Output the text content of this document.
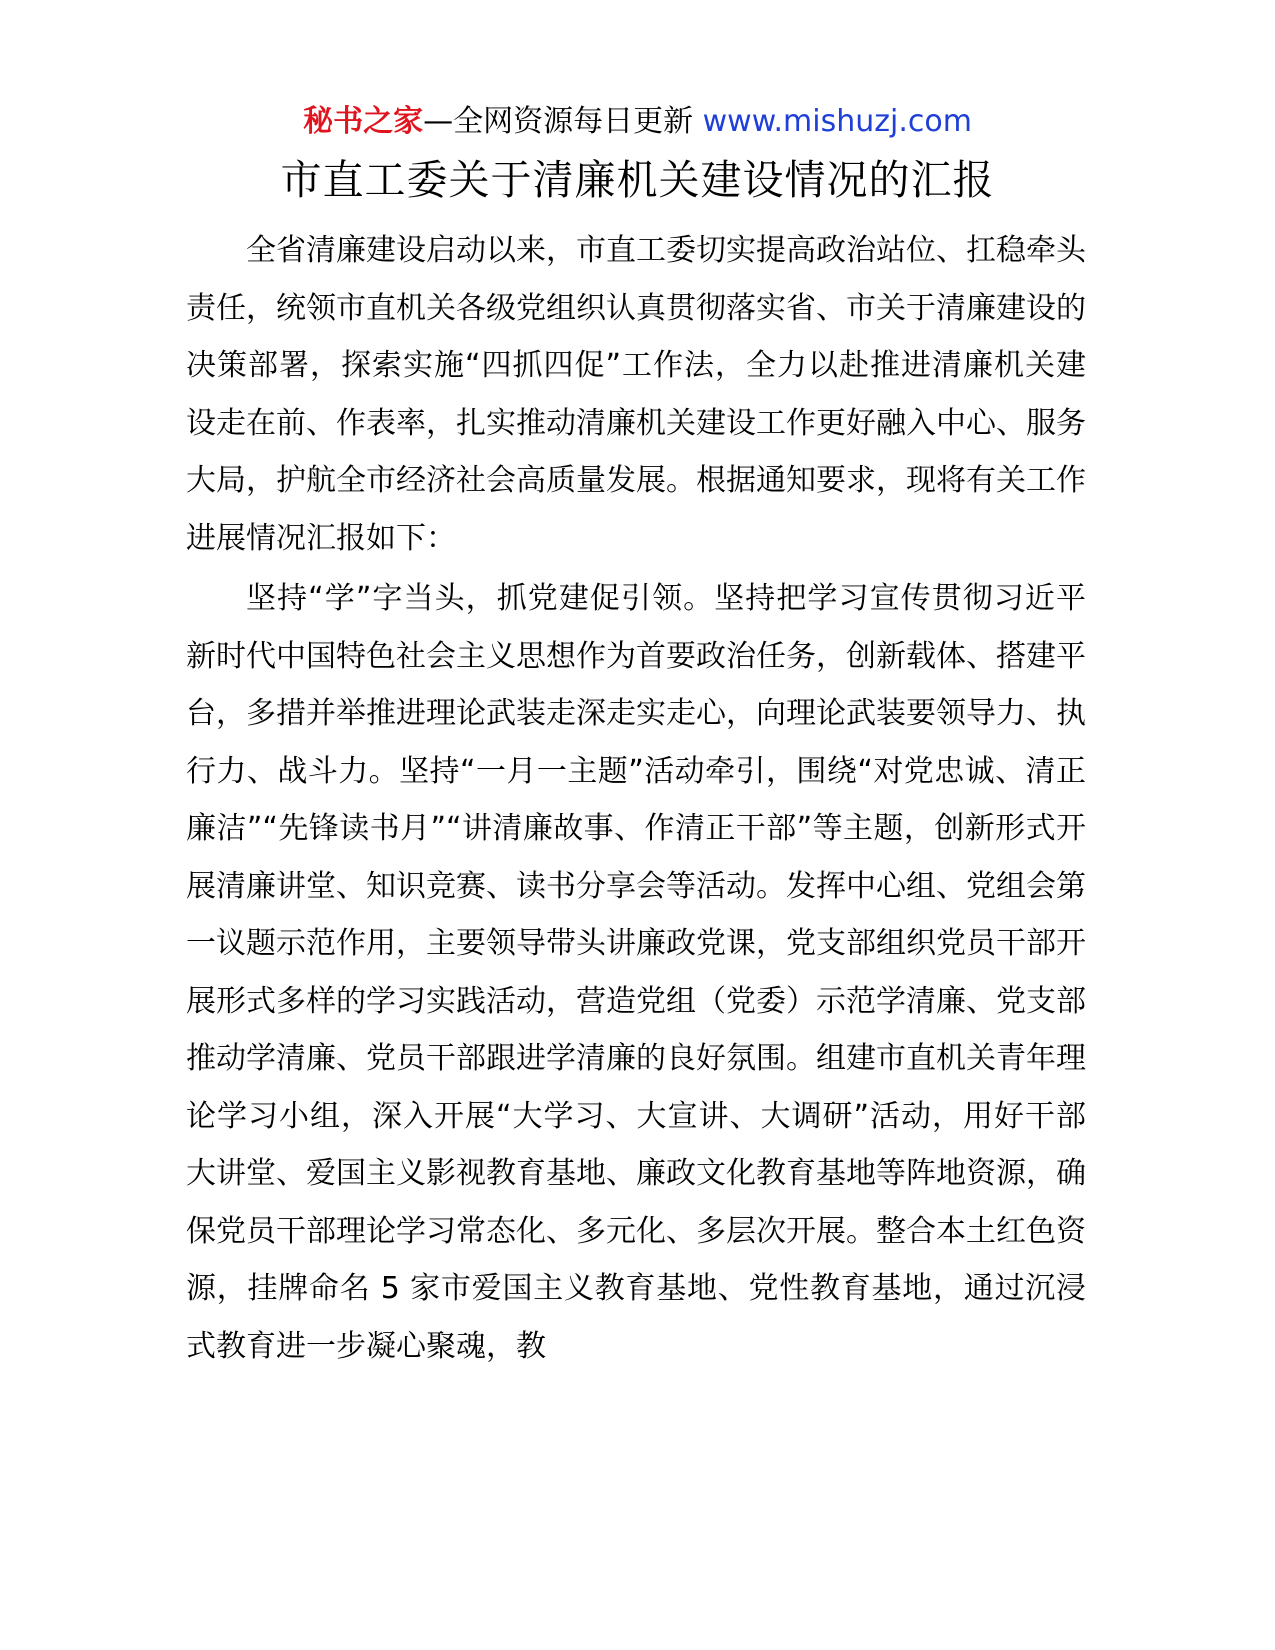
秘书之家—全网资源每日更新 www.mishuzj.com
市直工委关于清廉机关建设情况的汇报

全省清廉建设启动以来，市直工委切实提高政治站位、扛稳牵头责任，统领市直机关各级党组织认真贯彻落实省、市关于清廉建设的决策部署，探索实施“四抓四促”工作法，全力以赴推进清廉机关建设走在前、作表率，扎实推动清廉机关建设工作更好融入中心、服务大局，护航全市经济社会高质量发展。根据通知要求，现将有关工作进展情况汇报如下：

坚持“学”字当头，抓党建促引领。坚持把学习宣传贯彻习近平新时代中国特色社会主义思想作为首要政治任务，创新载体、搭建平台，多措并举推进理论武装走深走实走心，向理论武装要领导力、执行力、战斗力。坚持“一月一主题”活动牵引，围绕“对党忠诚、清正廉洁”“先锋读书月”“讲清廉故事、作清正干部”等主题，创新形式开展清廉讲堂、知识竞赛、读书分享会等活动。发挥中心组、党组会第一议题示范作用，主要领导带头讲廉政党课，党支部组织党员干部开展形式多样的学习实践活动，营造党组（党委）示范学清廉、党支部推动学清廉、党员干部跟进学清廉的良好氛围。组建市直机关青年理论学习小组，深入开展“大学习、大宣讲、大调研”活动，用好干部大讲堂、爱国主义影视教育基地、廉政文化教育基地等阵地资源，确保党员干部理论学习常态化、多元化、多层次开展。整合本土红色资源，挂牌命名 5 家市爱国主义教育基地、党性教育基地，通过沉浸式教育进一步凝心聚魂，教
